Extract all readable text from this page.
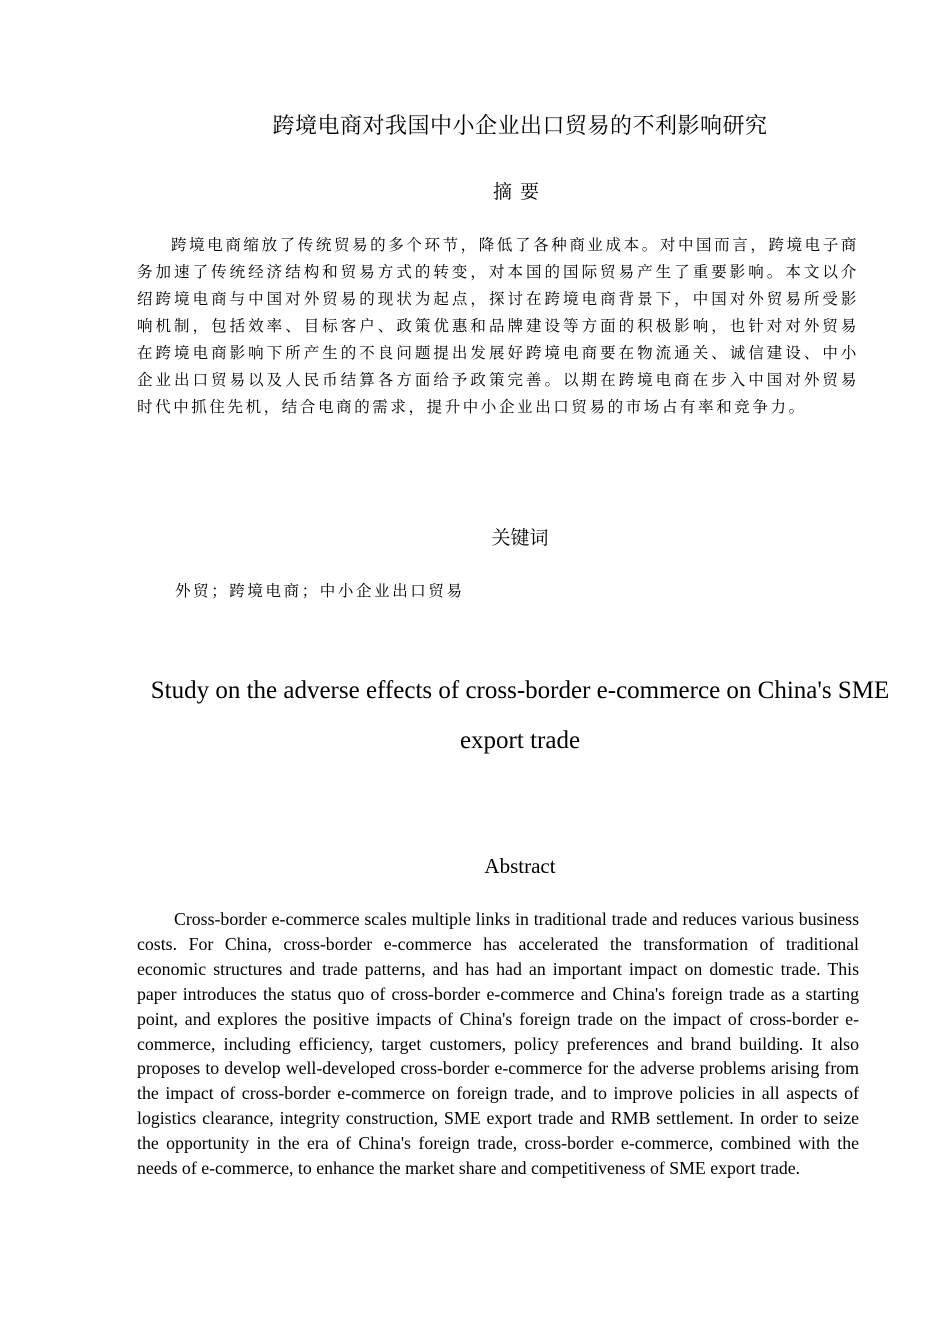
跨境电商对我国中小企业出口贸易的不利影响研究
摘要

跨境电商缩放了传统贸易的多个环节，降低了各种商业成本。对中国而言，跨境电子商务加速了传统经济结构和贸易方式的转变，对本国的国际贸易产生了重要影响。本文以介绍跨境电商与中国对外贸易的现状为起点，探讨在跨境电商背景下，中国对外贸易所受影响机制，包括效率、目标客户、政策优惠和品牌建设等方面的积极影响，也针对对外贸易在跨境电商影响下所产生的不良问题提出发展好跨境电商要在物流通关、诚信建设、中小企业出口贸易以及人民币结算各方面给予政策完善。以期在跨境电商在步入中国对外贸易时代中抓住先机，结合电商的需求，提升中小企业出口贸易的市场占有率和竞争力。

关键词

外贸；跨境电商；中小企业出口贸易

Study on the adverse effects of cross-border e-commerce on China's SME export trade

Abstract

Cross-border e-commerce scales multiple links in traditional trade and reduces various business costs. For China, cross-border e-commerce has accelerated the transformation of traditional economic structures and trade patterns, and has had an important impact on domestic trade. This paper introduces the status quo of cross-border e-commerce and China's foreign trade as a starting point, and explores the positive impacts of China's foreign trade on the impact of cross-border e-commerce, including efficiency, target customers, policy preferences and brand building. It also proposes to develop well-developed cross-border e-commerce for the adverse problems arising from the impact of cross-border e-commerce on foreign trade, and to improve policies in all aspects of logistics clearance, integrity construction, SME export trade and RMB settlement. In order to seize the opportunity in the era of China's foreign trade, cross-border e-commerce, combined with the needs of e-commerce, to enhance the market share and competitiveness of SME export trade.
